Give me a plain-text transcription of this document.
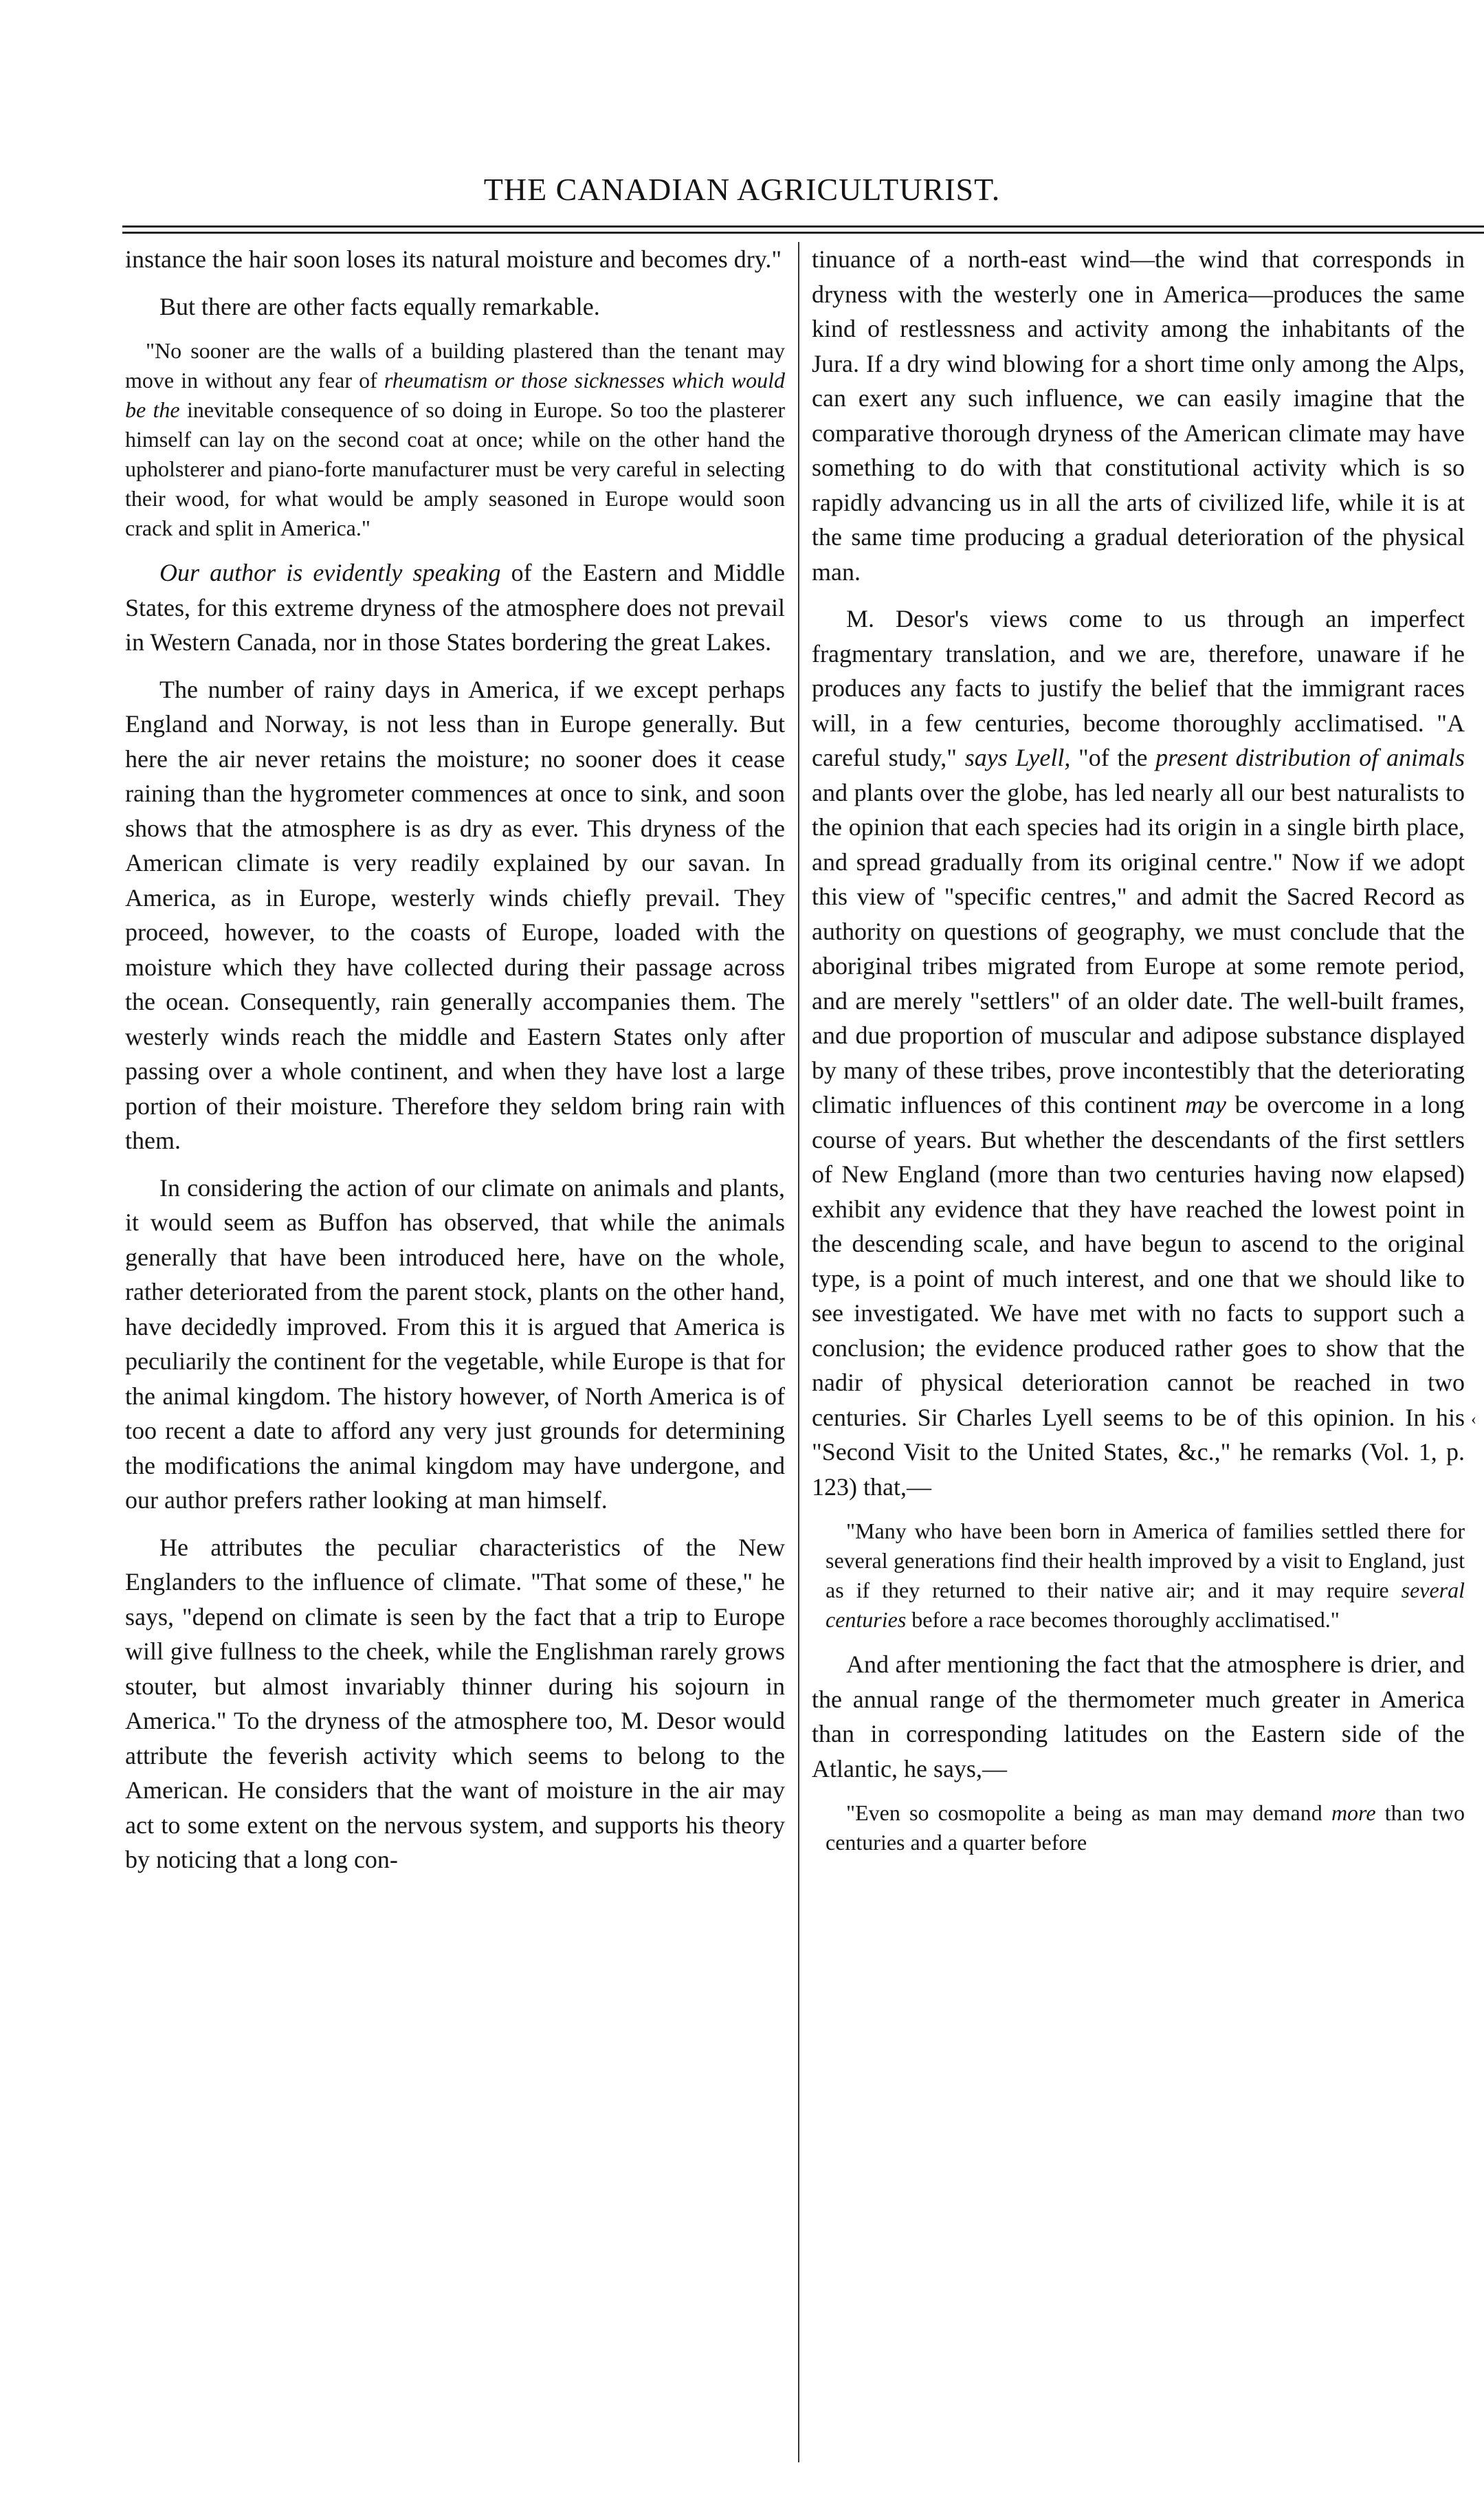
THE CANADIAN AGRICULTURIST.

instance the hair soon loses its natural moisture and becomes dry."

But there are other facts equally remarkable.

"No sooner are the walls of a building plastered than the tenant may move in without any fear of rheumatism or those sicknesses which would be the inevitable consequence of so doing in Europe. So too the plasterer himself can lay on the second coat at once; while on the other hand the upholsterer and piano-forte manufacturer must be very careful in selecting their wood, for what would be amply seasoned in Europe would soon crack and split in America."

Our author is evidently speaking of the Eastern and Middle States, for this extreme dryness of the atmosphere does not prevail in Western Canada, nor in those States bordering the great Lakes.

The number of rainy days in America, if we except perhaps England and Norway, is not less than in Europe generally. But here the air never retains the moisture; no sooner does it cease raining than the hygrometer commences at once to sink, and soon shows that the atmosphere is as dry as ever. This dryness of the American climate is very readily explained by our savan. In America, as in Europe, westerly winds chiefly prevail. They proceed, however, to the coasts of Europe, loaded with the moisture which they have collected during their passage across the ocean. Consequently, rain generally accompanies them. The westerly winds reach the middle and Eastern States only after passing over a whole continent, and when they have lost a large portion of their moisture. Therefore they seldom bring rain with them.

In considering the action of our climate on animals and plants, it would seem as Buffon has observed, that while the animals generally that have been introduced here, have on the whole, rather deteriorated from the parent stock, plants on the other hand, have decidedly improved. From this it is argued that America is peculiarily the continent for the vegetable, while Europe is that for the animal kingdom. The history however, of North America is of too recent a date to afford any very just grounds for determining the modifications the animal kingdom may have undergone, and our author prefers rather looking at man himself.

He attributes the peculiar characteristics of the New Englanders to the influence of climate. "That some of these," he says, "depend on climate is seen by the fact that a trip to Europe will give fullness to the cheek, while the Englishman rarely grows stouter, but almost invariably thinner during his sojourn in America." To the dryness of the atmosphere too, M. Desor would attribute the feverish activity which seems to belong to the American. He considers that the want of moisture in the air may act to some extent on the nervous system, and supports his theory by noticing that a long con-

tinuance of a north-east wind—the wind that corresponds in dryness with the westerly one in America—produces the same kind of restlessness and activity among the inhabitants of the Jura. If a dry wind blowing for a short time only among the Alps, can exert any such influence, we can easily imagine that the comparative thorough dryness of the American climate may have something to do with that constitutional activity which is so rapidly advancing us in all the arts of civilized life, while it is at the same time producing a gradual deterioration of the physical man.

M. Desor's views come to us through an imperfect fragmentary translation, and we are, therefore, unaware if he produces any facts to justify the belief that the immigrant races will, in a few centuries, become thoroughly acclimatised. "A careful study," says Lyell, "of the present distribution of animals and plants over the globe, has led nearly all our best naturalists to the opinion that each species had its origin in a single birth place, and spread gradually from its original centre." Now if we adopt this view of "specific centres," and admit the Sacred Record as authority on questions of geography, we must conclude that the aboriginal tribes migrated from Europe at some remote period, and are merely "settlers" of an older date. The well-built frames, and due proportion of muscular and adipose substance displayed by many of these tribes, prove incontestibly that the deteriorating climatic influences of this continent may be overcome in a long course of years. But whether the descendants of the first settlers of New England (more than two centuries having now elapsed) exhibit any evidence that they have reached the lowest point in the descending scale, and have begun to ascend to the original type, is a point of much interest, and one that we should like to see investigated. We have met with no facts to support such a conclusion; the evidence produced rather goes to show that the nadir of physical deterioration cannot be reached in two centuries. Sir Charles Lyell seems to be of this opinion. In his "Second Visit to the United States, &c.," he remarks (Vol. 1, p. 123) that,—

"Many who have been born in America of families settled there for several generations find their health improved by a visit to England, just as if they returned to their native air; and it may require several centuries before a race becomes thoroughly acclimatised."

And after mentioning the fact that the atmosphere is drier, and the annual range of the thermometer much greater in America than in corresponding latitudes on the Eastern side of the Atlantic, he says,—

"Even so cosmopolite a being as man may demand more than two centuries and a quarter before

‹
